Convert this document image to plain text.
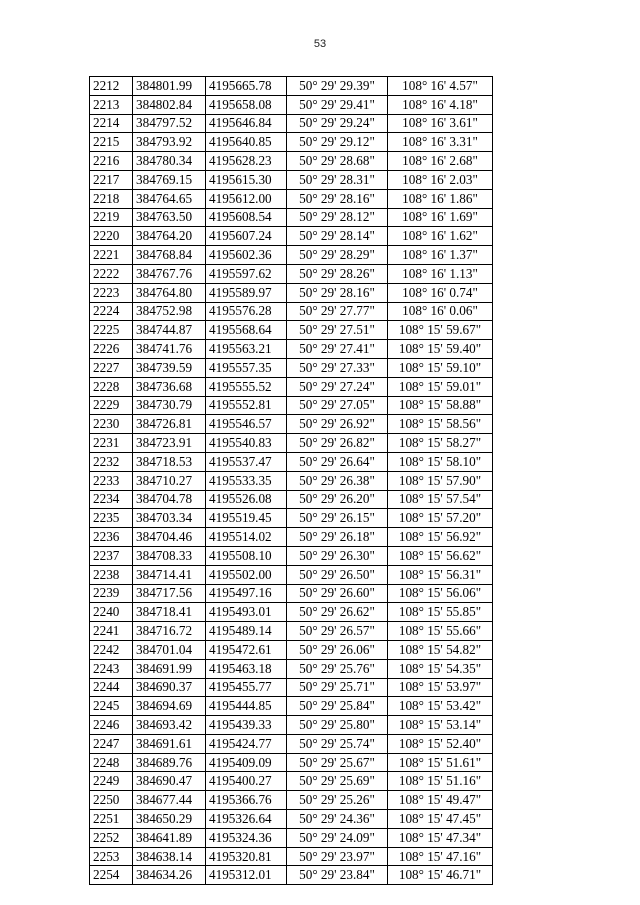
53
2212	384801.99	4195665.78	50° 29' 29.39"	108° 16' 4.57"
2213	384802.84	4195658.08	50° 29' 29.41"	108° 16' 4.18"
2214	384797.52	4195646.84	50° 29' 29.24"	108° 16' 3.61"
2215	384793.92	4195640.85	50° 29' 29.12"	108° 16' 3.31"
2216	384780.34	4195628.23	50° 29' 28.68"	108° 16' 2.68"
2217	384769.15	4195615.30	50° 29' 28.31"	108° 16' 2.03"
2218	384764.65	4195612.00	50° 29' 28.16"	108° 16' 1.86"
2219	384763.50	4195608.54	50° 29' 28.12"	108° 16' 1.69"
2220	384764.20	4195607.24	50° 29' 28.14"	108° 16' 1.62"
2221	384768.84	4195602.36	50° 29' 28.29"	108° 16' 1.37"
2222	384767.76	4195597.62	50° 29' 28.26"	108° 16' 1.13"
2223	384764.80	4195589.97	50° 29' 28.16"	108° 16' 0.74"
2224	384752.98	4195576.28	50° 29' 27.77"	108° 16' 0.06"
2225	384744.87	4195568.64	50° 29' 27.51"	108° 15' 59.67"
2226	384741.76	4195563.21	50° 29' 27.41"	108° 15' 59.40"
2227	384739.59	4195557.35	50° 29' 27.33"	108° 15' 59.10"
2228	384736.68	4195555.52	50° 29' 27.24"	108° 15' 59.01"
2229	384730.79	4195552.81	50° 29' 27.05"	108° 15' 58.88"
2230	384726.81	4195546.57	50° 29' 26.92"	108° 15' 58.56"
2231	384723.91	4195540.83	50° 29' 26.82"	108° 15' 58.27"
2232	384718.53	4195537.47	50° 29' 26.64"	108° 15' 58.10"
2233	384710.27	4195533.35	50° 29' 26.38"	108° 15' 57.90"
2234	384704.78	4195526.08	50° 29' 26.20"	108° 15' 57.54"
2235	384703.34	4195519.45	50° 29' 26.15"	108° 15' 57.20"
2236	384704.46	4195514.02	50° 29' 26.18"	108° 15' 56.92"
2237	384708.33	4195508.10	50° 29' 26.30"	108° 15' 56.62"
2238	384714.41	4195502.00	50° 29' 26.50"	108° 15' 56.31"
2239	384717.56	4195497.16	50° 29' 26.60"	108° 15' 56.06"
2240	384718.41	4195493.01	50° 29' 26.62"	108° 15' 55.85"
2241	384716.72	4195489.14	50° 29' 26.57"	108° 15' 55.66"
2242	384701.04	4195472.61	50° 29' 26.06"	108° 15' 54.82"
2243	384691.99	4195463.18	50° 29' 25.76"	108° 15' 54.35"
2244	384690.37	4195455.77	50° 29' 25.71"	108° 15' 53.97"
2245	384694.69	4195444.85	50° 29' 25.84"	108° 15' 53.42"
2246	384693.42	4195439.33	50° 29' 25.80"	108° 15' 53.14"
2247	384691.61	4195424.77	50° 29' 25.74"	108° 15' 52.40"
2248	384689.76	4195409.09	50° 29' 25.67"	108° 15' 51.61"
2249	384690.47	4195400.27	50° 29' 25.69"	108° 15' 51.16"
2250	384677.44	4195366.76	50° 29' 25.26"	108° 15' 49.47"
2251	384650.29	4195326.64	50° 29' 24.36"	108° 15' 47.45"
2252	384641.89	4195324.36	50° 29' 24.09"	108° 15' 47.34"
2253	384638.14	4195320.81	50° 29' 23.97"	108° 15' 47.16"
2254	384634.26	4195312.01	50° 29' 23.84"	108° 15' 46.71"
